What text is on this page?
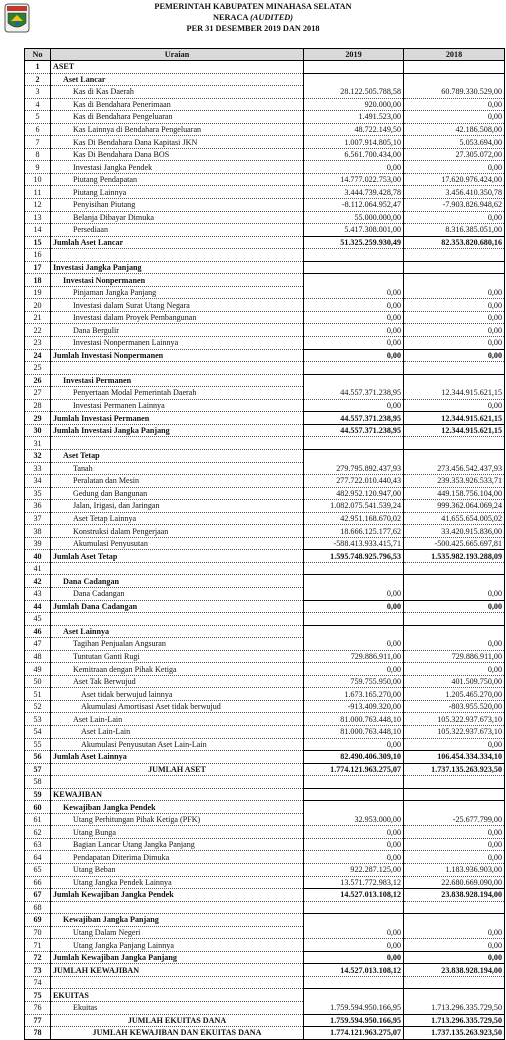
PEMERINTAH KABUPATEN MINAHASA SELATAN
NERACA (AUDITED)
PER 31 DESEMBER 2019 DAN 2018
No	Uraian	2019	2018
1	ASET		
2	Aset Lancar		
3	Kas di Kas Daerah	28.122.505.788,58	60.789.330.529,00
4	Kas di Bendahara Penerimaan	920.000,00	0,00
5	Kas di Bendahara Pengeluaran	1.491.523,00	0,00
6	Kas Lainnya di Bendahara Pengeluaran	48.722.149,50	42.186.508,00
7	Kas Di Bendahara Dana Kapitasi JKN	1.007.914.805,10	5.053.694,00
8	Kas Di Bendahara Dana BOS	6.561.700.434,00	27.305.072,00
9	Investasi Jangka Pendek	0,00	0,00
10	Piutang Pendapatan	14.777.022.753,00	17.620.976.424,00
11	Piutang Lainnya	3.444.739.428,78	3.456.410.350,78
12	Penyisihan Piutang	-8.112.064.952,47	-7.903.826.948,62
13	Belanja Dibayar Dimuka	55.000.000,00	0,00
14	Persediaan	5.417.308.001,00	8.316.385.051,00
15	Jumlah Aset Lancar	51.325.259.930,49	82.353.820.680,16
16			
17	Investasi Jangka Panjang		
18	Investasi Nonpermanen		
19	Pinjaman Jangka Panjang	0,00	0,00
20	Investasi dalam Surat Utang Negara	0,00	0,00
21	Investasi dalam Proyek Pembangunan	0,00	0,00
22	Dana Bergulir	0,00	0,00
23	Investasi Nonpermanen Lainnya	0,00	0,00
24	Jumlah Investasi Nonpermanen	0,00	0,00
25			
26	Investasi Permanen		
27	Penyertaan Modal Pemerintah Daerah	44.557.371.238,95	12.344.915.621,15
28	Investasi Permanen Lainnya	0,00	0,00
29	Jumlah Investasi Permanen	44.557.371.238,95	12.344.915.621,15
30	Jumlah Investasi Jangka Panjang	44.557.371.238,95	12.344.915.621,15
31			
32	Aset Tetap		
33	Tanah	279.795.892.437,93	273.456.542.437,93
34	Peralatan dan Mesin	277.722.010.440,43	239.353.926.533,71
35	Gedung dan Bangunan	482.952.120.947,00	449.158.756.104,00
36	Jalan, Irigasi, dan Jaringan	1.082.075.541.539,24	999.362.064.069,24
37	Aset Tetap Lainnya	42.951.168.670,02	41.655.654.005,02
38	Konstruksi dalam Pengerjaan	18.666.125.177,62	33.420.915.836,00
39	Akumulasi Penyusutan	-588.413.933.415,71	-500.425.665.697,81
40	Jumlah Aset Tetap	1.595.748.925.796,53	1.535.982.193.288,09
41			
42	Dana Cadangan		
43	Dana Cadangan	0,00	0,00
44	Jumlah Dana Cadangan	0,00	0,00
45			
46	Aset Lainnya		
47	Tagihan Penjualan Angsuran	0,00	0,00
48	Tuntutan Ganti Rugi	729.886.911,00	729.886.911,00
49	Kemitraan dengan Pihak Ketiga	0,00	0,00
50	Aset Tak Berwujud	759.755.950,00	401.509.750,00
51	Aset tidak berwujud lainnya	1.673.165.270,00	1.205.465.270,00
52	Akumulasi Amortisasi Aset tidak berwujud	-913.409.320,00	-803.955.520,00
53	Aset Lain-Lain	81.000.763.448,10	105.322.937.673,10
54	Aset Lain-Lain	81.000.763.448,10	105.322.937.673,10
55	Akumulasi Penyusutan Aset Lain-Lain	0,00	0,00
56	Jumlah Aset Lainnya	82.490.406.309,10	106.454.334.334,10
57	JUMLAH ASET	1.774.121.963.275,07	1.737.135.263.923,50
58			
59	KEWAJIBAN		
60	Kewajiban Jangka Pendek		
61	Utang Perhitungan Pihak Ketiga (PFK)	32.953.000,00	-25.677.799,00
62	Utang Bunga	0,00	0,00
63	Bagian Lancar Utang Jangka Panjang	0,00	0,00
64	Pendapatan Diterima Dimuka	0,00	0,00
65	Utang Beban	922.287.125,00	1.183.936.903,00
66	Utang Jangka Pendek Lainnya	13.571.772.983,12	22.680.669.090,00
67	Jumlah Kewajiban Jangka Pendek	14.527.013.108,12	23.838.928.194,00
68			
69	Kewajiban Jangka Panjang		
70	Utang Dalam Negeri	0,00	0,00
71	Utang Jangka Panjang Lainnya	0,00	0,00
72	Jumlah Kewajiban Jangka Panjang	0,00	0,00
73	JUMLAH KEWAJIBAN	14.527.013.108,12	23.838.928.194,00
74			
75	EKUITAS		
76	Ekuitas	1.759.594.950.166,95	1.713.296.335.729,50
77	JUMLAH EKUITAS DANA	1.759.594.950.166,95	1.713.296.335.729,50
78	JUMLAH KEWAJIBAN DAN EKUITAS DANA	1.774.121.963.275,07	1.737.135.263.923,50
